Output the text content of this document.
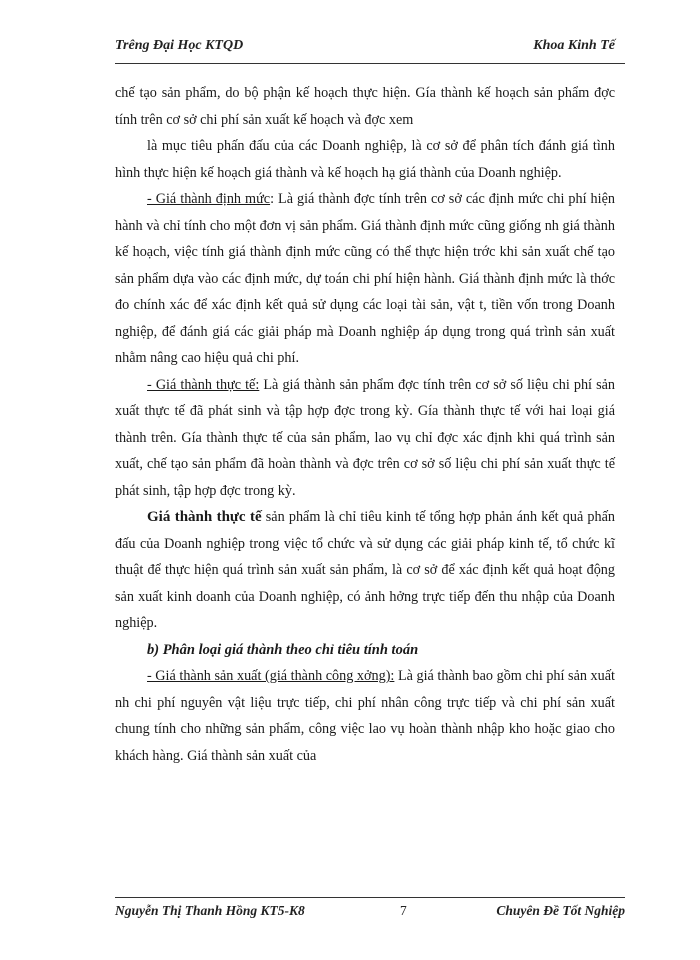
Trêng Đại Học KTQD	Khoa Kinh Tế

chế tạo sản phẩm, do bộ phận kế hoạch thực hiện. Gía thành kế hoạch sản phẩm đợc tính trên cơ sở chi phí sản xuất kế hoạch và đợc xem

là mục tiêu phấn đấu của các Doanh nghiệp, là cơ sở để phân tích đánh giá tình hình thực hiện kế hoạch giá thành và kế hoạch hạ giá thành của Doanh nghiệp.

- Giá thành định mức: Là giá thành đợc tính trên cơ sở các định mức chi phí hiện hành và chỉ tính cho một đơn vị sản phẩm. Giá thành định mức cũng giống nh giá thành kế hoạch, việc tính giá thành định mức cũng có thể thực hiện trớc khi sản xuất chế tạo sản phẩm dựa vào các định mức, dự toán chi phí hiện hành. Giá thành định mức là thớc đo chính xác để xác định kết quả sử dụng các loại tài sản, vật t, tiền vốn trong Doanh nghiệp, để đánh giá các giải pháp mà Doanh nghiệp áp dụng trong quá trình sản xuất nhằm nâng cao hiệu quả chi phí.

- Giá thành thực tế: Là giá thành sản phẩm đợc tính trên cơ sở số liệu chi phí sản xuất thực tế đã phát sinh và tập hợp đợc trong kỳ. Gía thành thực tế với hai loại giá thành trên. Gía thành thực tế của sản phẩm, lao vụ chỉ đợc xác định khi quá trình sản xuất, chế tạo sản phẩm đã hoàn thành và đợc trên cơ sở số liệu chi phí sản xuất thực tế phát sinh, tập hợp đợc trong kỳ.

Giá thành thực tế sản phẩm là chỉ tiêu kinh tế tổng hợp phản ánh kết quả phấn đấu của Doanh nghiệp trong việc tổ chức và sử dụng các giải pháp kinh tế, tổ chức kĩ thuật để thực hiện quá trình sản xuất sản phẩm, là cơ sở để xác định kết quả hoạt động sản xuất kinh doanh của Doanh nghiệp, có ảnh hởng trực tiếp đến thu nhập của Doanh nghiệp.

b) Phân loại giá thành theo chỉ tiêu tính toán

- Giá thành sản xuất (giá thành công xởng): Là giá thành bao gồm chi phí sản xuất nh chi phí nguyên vật liệu trực tiếp, chi phí nhân công trực tiếp và chi phí sản xuất chung tính cho những sản phẩm, công việc lao vụ hoàn thành nhập kho hoặc giao cho khách hàng. Giá thành sản xuất của

Nguyễn Thị Thanh Hồng KT5-K8	7	Chuyên Đề Tốt Nghiệp
